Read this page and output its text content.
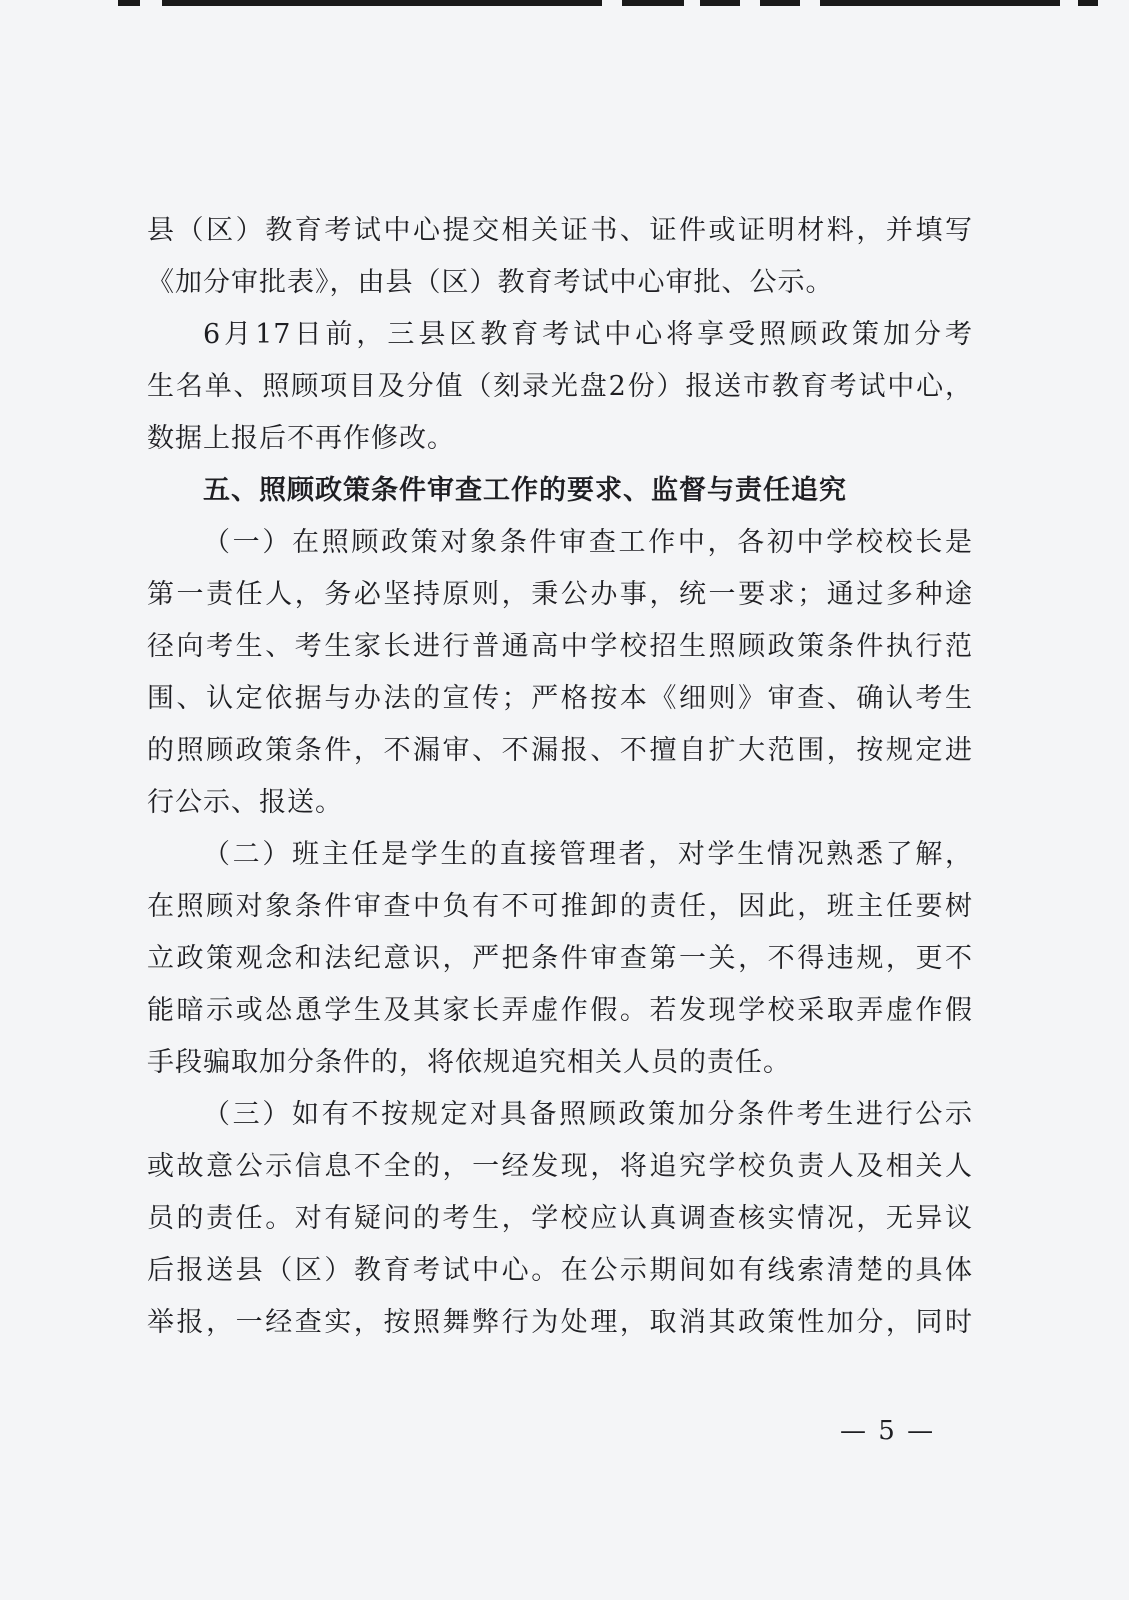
县（区）教育考试中心提交相关证书、证件或证明材料，并填写
《加分审批表》，由县（区）教育考试中心审批、公示。
6月17日前，三县区教育考试中心将享受照顾政策加分考
生名单、照顾项目及分值（刻录光盘2份）报送市教育考试中心，
数据上报后不再作修改。
五、照顾政策条件审查工作的要求、监督与责任追究
（一）在照顾政策对象条件审查工作中，各初中学校校长是
第一责任人，务必坚持原则，秉公办事，统一要求；通过多种途
径向考生、考生家长进行普通高中学校招生照顾政策条件执行范
围、认定依据与办法的宣传；严格按本《细则》审查、确认考生
的照顾政策条件，不漏审、不漏报、不擅自扩大范围，按规定进
行公示、报送。
（二）班主任是学生的直接管理者，对学生情况熟悉了解，
在照顾对象条件审查中负有不可推卸的责任，因此，班主任要树
立政策观念和法纪意识，严把条件审查第一关，不得违规，更不
能暗示或怂恿学生及其家长弄虚作假。若发现学校采取弄虚作假
手段骗取加分条件的，将依规追究相关人员的责任。
（三）如有不按规定对具备照顾政策加分条件考生进行公示
或故意公示信息不全的，一经发现，将追究学校负责人及相关人
员的责任。对有疑问的考生，学校应认真调查核实情况，无异议
后报送县（区）教育考试中心。在公示期间如有线索清楚的具体
举报，一经查实，按照舞弊行为处理，取消其政策性加分，同时
— 5 —
